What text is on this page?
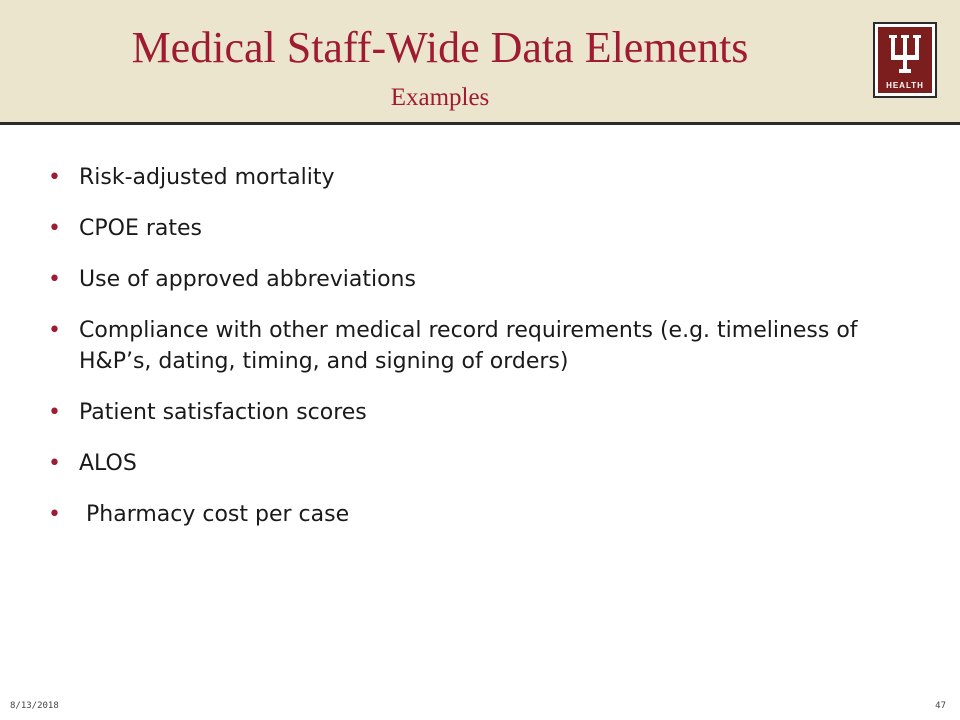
Medical Staff-Wide Data Elements
Examples	HEALTH
• Risk-adjusted mortality
• CPOE rates
• Use of approved abbreviations
• Compliance with other medical record requirements (e.g. timeliness of H&P’s, dating, timing, and signing of orders)
• Patient satisfaction scores
• ALOS
• Pharmacy cost per case
8/13/2018	47
